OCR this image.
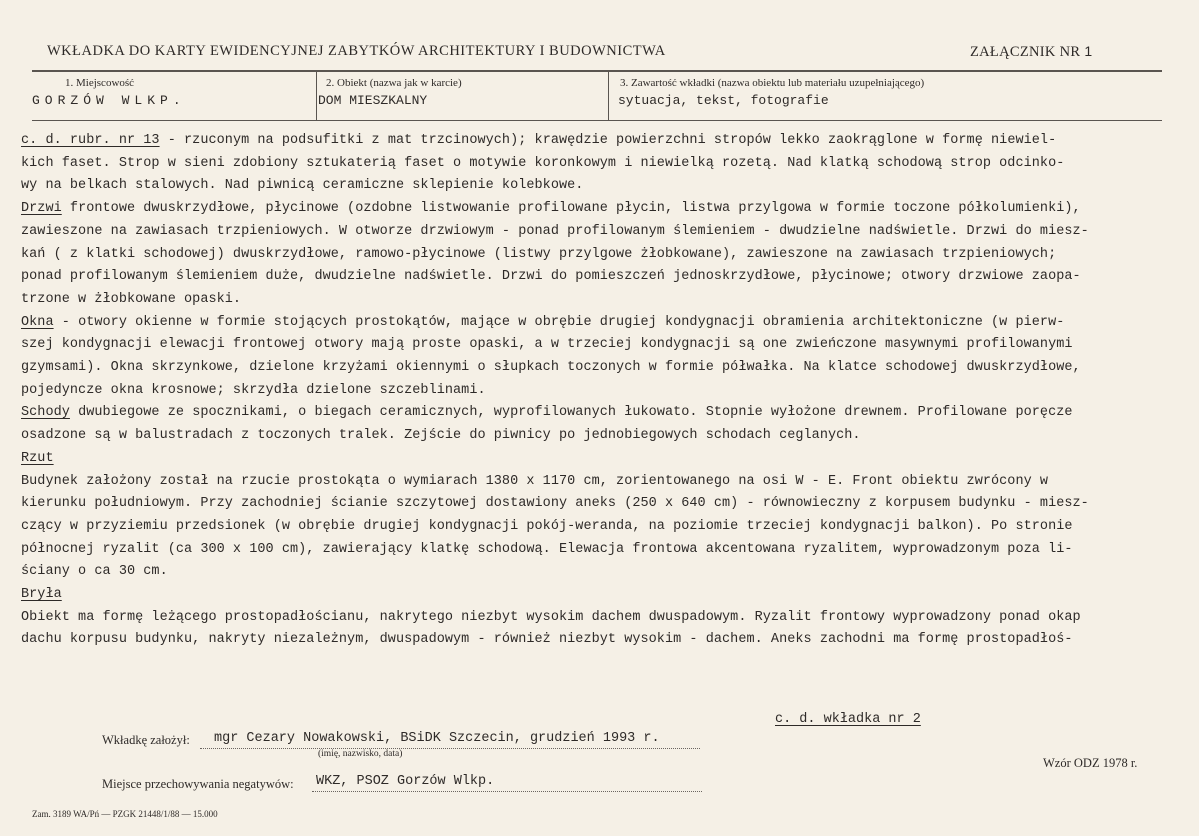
WKŁADKA DO KARTY EWIDENCYJNEJ ZABYTKÓW ARCHITEKTURY I BUDOWNICTWA	ZAŁĄCZNIK NR 1
1. Miejscowość
GORZÓW WLKP.
2. Obiekt (nazwa jak w karcie)
DOM MIESZKALNY
3. Zawartość wkładki (nazwa obiektu lub materiału uzupełniającego)
sytuacja, tekst, fotografie
c. d. rubr. nr 13 - rzuconym na podsufitki z mat trzcinowych); krawędzie powierzchni stropów lekko zaokrąglone w formę niewiel-
kich faset. Strop w sieni zdobiony sztukaterią faset o motywie koronkowym i niewielką rozetą. Nad klatką schodową strop odcinko-
wy na belkach stalowych. Nad piwnicą ceramiczne sklepienie kolebkowe.
Drzwi frontowe dwuskrzydłowe, płycinowe (ozdobne listwowanie profilowane płycin, listwa przylgowa w formie toczone półkolumienki),
zawieszone na zawiasach trzpieniowych. W otworze drzwiowym - ponad profilowanym ślemieniem - dwudzielne nadświetle. Drzwi do miesz-
kań ( z klatki schodowej) dwuskrzydłowe, ramowo-płycinowe (listwy przylgowe żłobkowane), zawieszone na zawiasach trzpieniowych;
ponad profilowanym ślemieniem duże, dwudzielne nadświetle. Drzwi do pomieszczeń jednoskrzydłowe, płycinowe; otwory drzwiowe zaopa-
trzone w żłobkowane opaski.
Okna - otwory okienne w formie stojących prostokątów, mające w obrębie drugiej kondygnacji obramienia architektoniczne (w pierw-
szej kondygnacji elewacji frontowej otwory mają proste opaski, a w trzeciej kondygnacji są one zwieńczone masywnymi profilowanymi
gzymsami). Okna skrzynkowe, dzielone krzyżami okiennymi o słupkach toczonych w formie półwałka. Na klatce schodowej dwuskrzydłowe,
pojedyncze okna krosnowe; skrzydła dzielone szczeblinami.
Schody dwubiegowe ze spocznikami, o biegach ceramicznych, wyprofilowanych łukowato. Stopnie wyłożone drewnem. Profilowane poręcze
osadzone są w balustradach z toczonych tralek. Zejście do piwnicy po jednobiegowych schodach ceglanych.
Rzut
Budynek założony został na rzucie prostokąta o wymiarach 1380 x 1170 cm, zorientowanego na osi W - E. Front obiektu zwrócony w
kierunku południowym. Przy zachodniej ścianie szczytowej dostawiony aneks (250 x 640 cm) - równowieczny z korpusem budynku - miesz-
czący w przyziemiu przedsionek (w obrębie drugiej kondygnacji pokój-weranda, na poziomie trzeciej kondygnacji balkon). Po stronie
północnej ryzalit (ca 300 x 100 cm), zawierający klatkę schodową. Elewacja frontowa akcentowana ryzalitem, wyprowadzonym poza li-
ściany o ca 30 cm.
Bryła
Obiekt ma formę leżącego prostopadłościanu, nakrytego niezbyt wysokim dachem dwuspadowym. Ryzalit frontowy wyprowadzony ponad okap
dachu korpusu budynku, nakryty niezależnym, dwuspadowym - również niezbyt wysokim - dachem. Aneks zachodni ma formę prostopadłoś-
c. d. wkładka nr 2
Wkładkę założył: mgr Cezary Nowakowski, BSiDK Szczecin, grudzień 1993 r.
(imię, nazwisko, data)
Wzór ODZ 1978 r.
Miejsce przechowywania negatywów: WKZ, PSOZ Gorzów Wlkp.
Zam. 3189 WA/Pń — PZGK 21448/1/88 — 15.000
